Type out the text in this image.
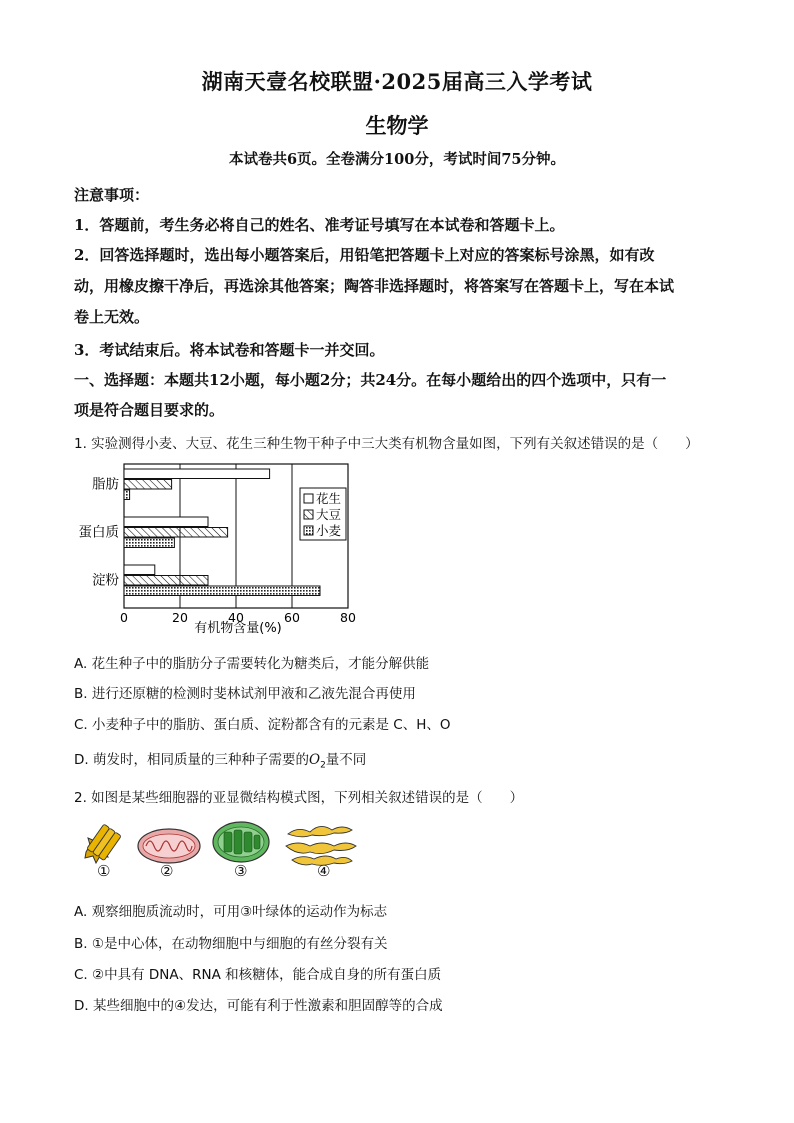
湖南天壹名校联盟·2025届高三入学考试
生物学
本试卷共6页。全卷满分100分，考试时间75分钟。
注意事项：
1．答题前，考生务必将自己的姓名、准考证号填写在本试卷和答题卡上。
2．回答选择题时，选出每小题答案后，用铅笔把答题卡上对应的答案标号涂黑，如有改
动，用橡皮擦干净后，再选涂其他答案；陶答非选择题时，将答案写在答题卡上，写在本试
卷上无效。
3．考试结束后。将本试卷和答题卡一并交回。
一、选择题：本题共12小题，每小题2分；共24分。在每小题给出的四个选项中，只有一
项是符合题目要求的。
1. 实验测得小麦、大豆、花生三种生物干种子中三大类有机物含量如图，下列有关叙述错误的是（　　）
脂肪
蛋白质
淀粉
0	20	40	60	80
有机物含量(%)
花生
大豆
小麦
A. 花生种子中的脂肪分子需要转化为糖类后，才能分解供能
B. 进行还原糖的检测时斐林试剂甲液和乙液先混合再使用
C. 小麦种子中的脂肪、蛋白质、淀粉都含有的元素是 C、H、O
D. 萌发时，相同质量的三种种子需要的$O_2$量不同
2. 如图是某些细胞器的亚显微结构模式图，下列相关叙述错误的是（　　）
①	②	③	④
A. 观察细胞质流动时，可用③叶绿体的运动作为标志
B. ①是中心体，在动物细胞中与细胞的有丝分裂有关
C. ②中具有 DNA、RNA 和核糖体，能合成自身的所有蛋白质
D. 某些细胞中的④发达，可能有利于性激素和胆固醇等的合成
